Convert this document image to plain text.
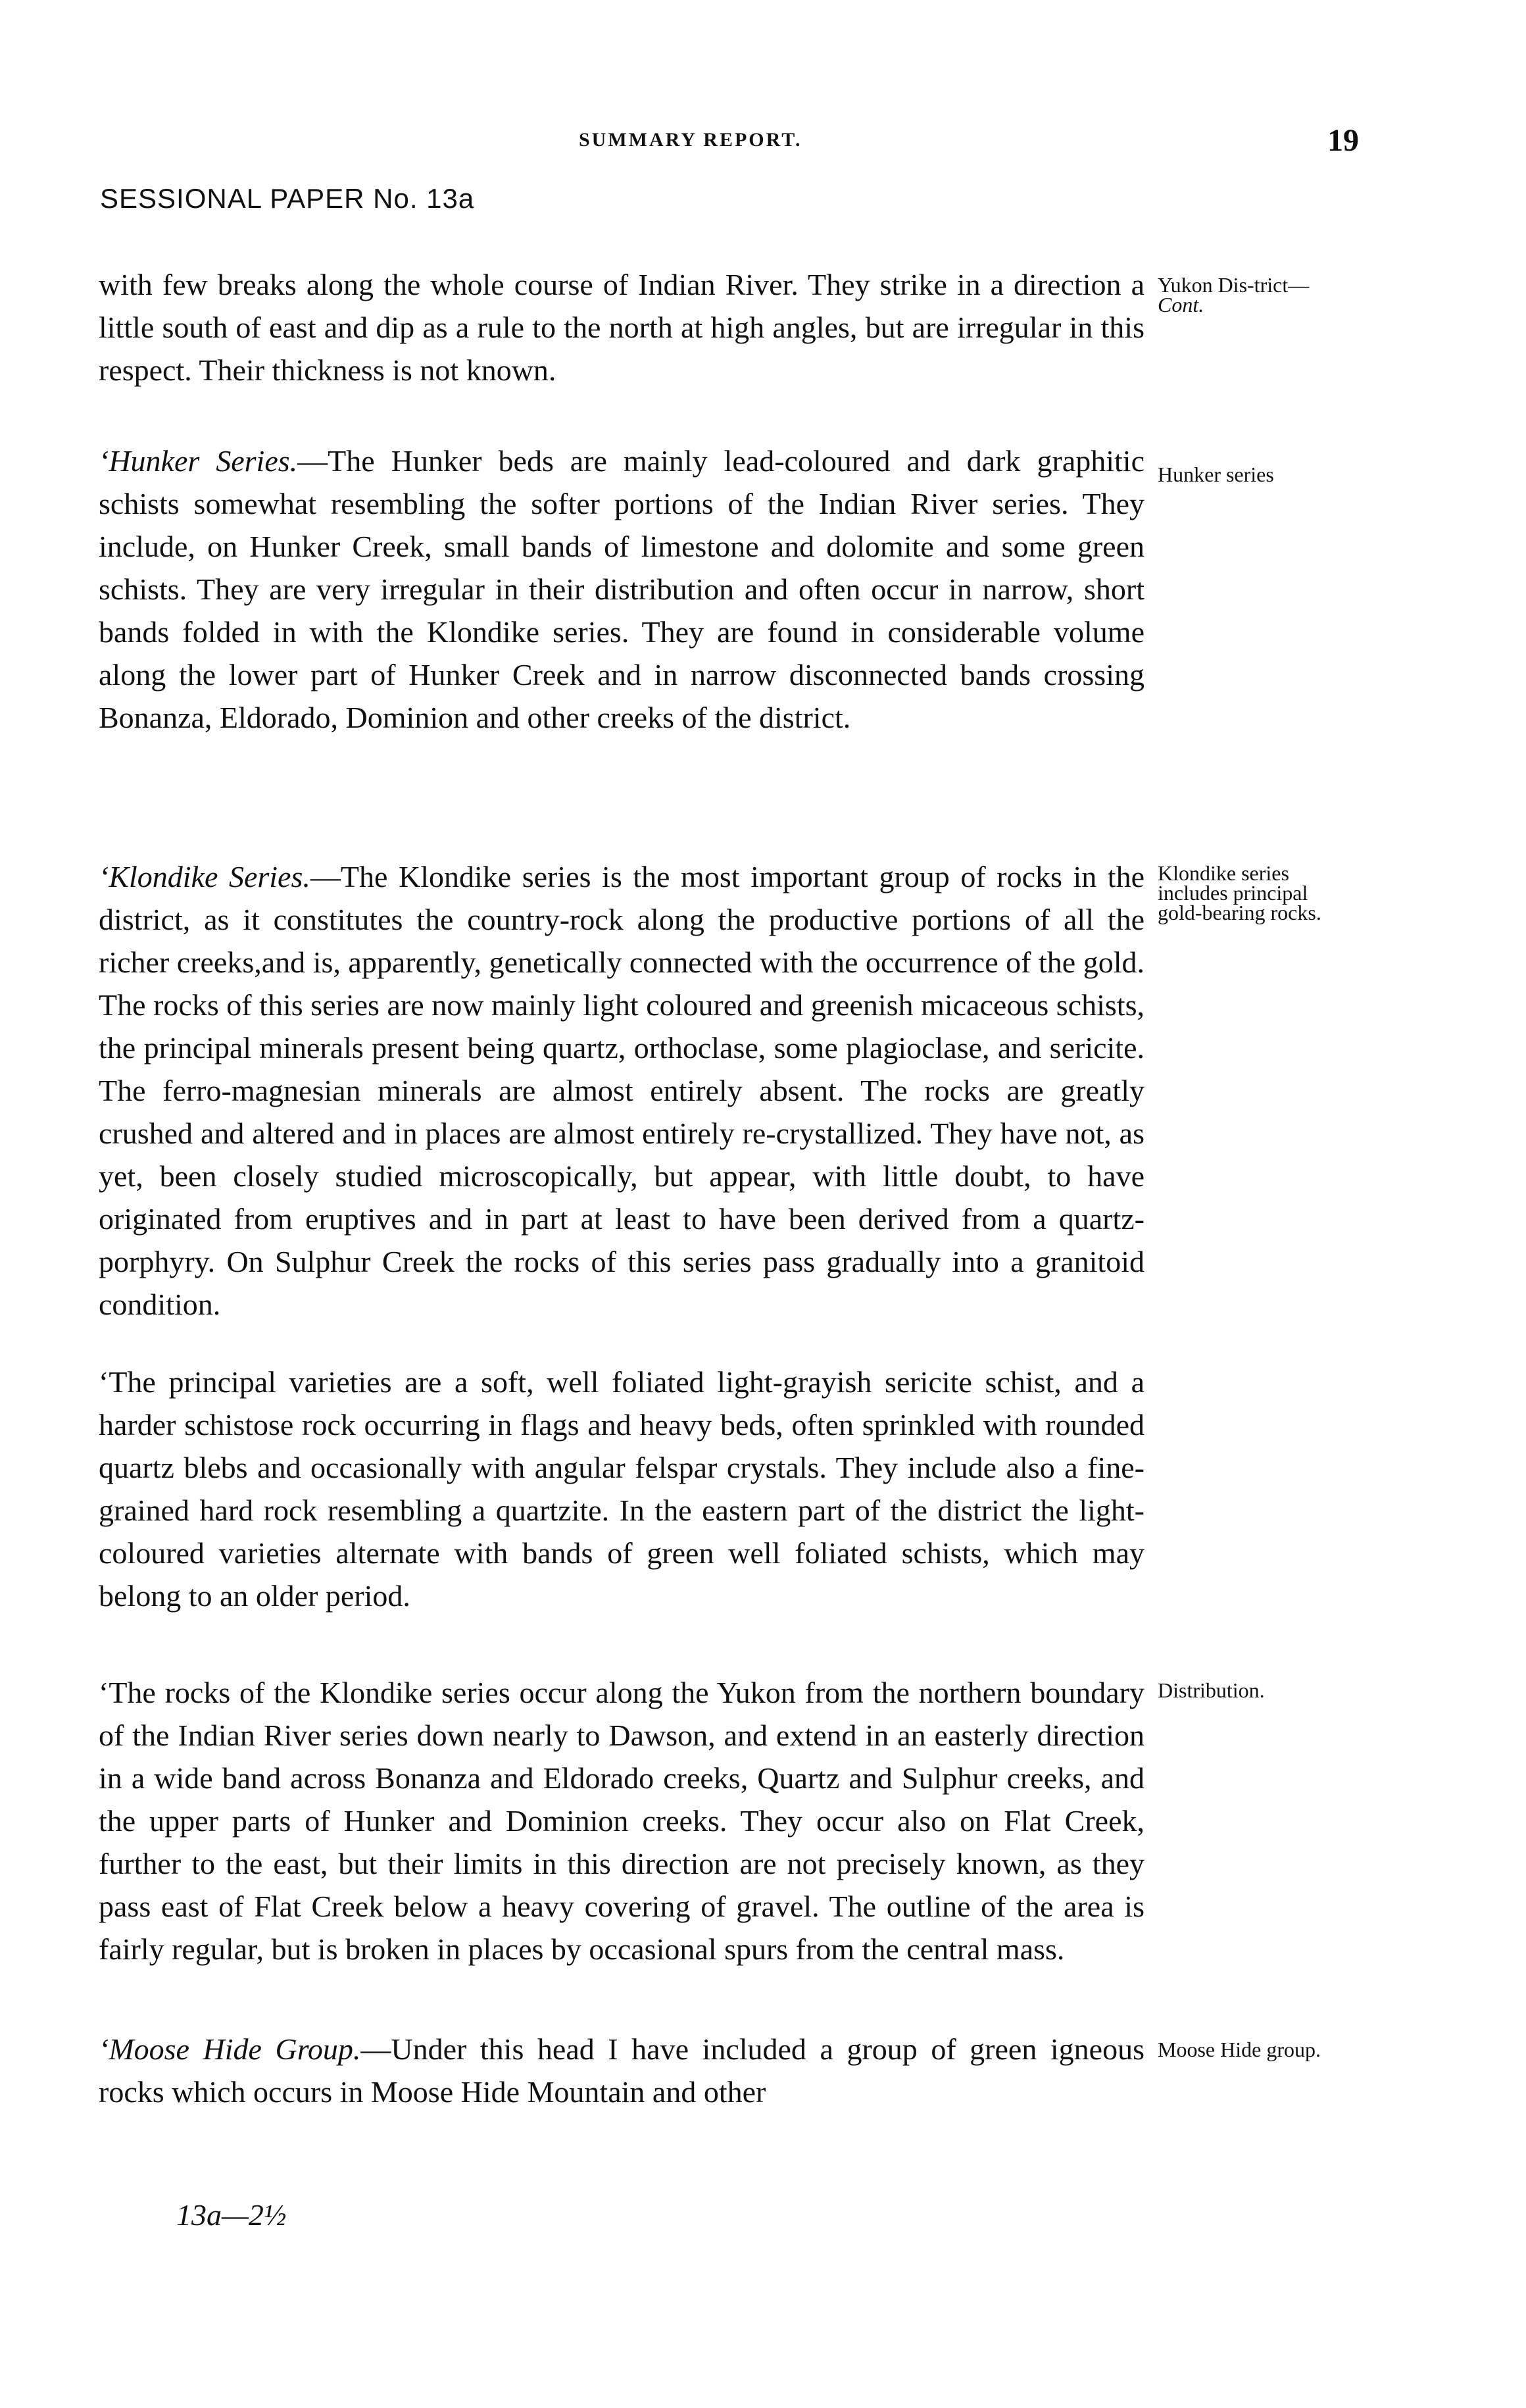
SUMMARY REPORT.	19
SESSIONAL PAPER No. 13a

with few breaks along the whole course of Indian River. They strike in a direction a little south of east and dip as a rule to the north at high angles, but are irregular in this respect. Their thickness is not known.

‘Hunker Series.—The Hunker beds are mainly lead-coloured and dark graphitic schists somewhat resembling the softer portions of the Indian River series. They include, on Hunker Creek, small bands of limestone and dolomite and some green schists. They are very irregular in their distribution and often occur in narrow, short bands folded in with the Klondike series. They are found in considerable volume along the lower part of Hunker Creek and in narrow disconnected bands crossing Bonanza, Eldorado, Dominion and other creeks of the district.

‘Klondike Series.—The Klondike series is the most important group of rocks in the district, as it constitutes the country-rock along the productive portions of all the richer creeks,and is, apparently, genetically connected with the occurrence of the gold. The rocks of this series are now mainly light coloured and greenish micaceous schists, the principal minerals present being quartz, orthoclase, some plagioclase, and sericite. The ferro-magnesian minerals are almost entirely absent. The rocks are greatly crushed and altered and in places are almost entirely re-crystallized. They have not, as yet, been closely studied microscopically, but appear, with little doubt, to have originated from eruptives and in part at least to have been derived from a quartz-porphyry. On Sulphur Creek the rocks of this series pass gradually into a granitoid condition.

‘The principal varieties are a soft, well foliated light-grayish sericite schist, and a harder schistose rock occurring in flags and heavy beds, often sprinkled with rounded quartz blebs and occasionally with angular felspar crystals. They include also a fine-grained hard rock resembling a quartzite. In the eastern part of the district the light-coloured varieties alternate with bands of green well foliated schists, which may belong to an older period.

‘The rocks of the Klondike series occur along the Yukon from the northern boundary of the Indian River series down nearly to Dawson, and extend in an easterly direction in a wide band across Bonanza and Eldorado creeks, Quartz and Sulphur creeks, and the upper parts of Hunker and Dominion creeks. They occur also on Flat Creek, further to the east, but their limits in this direction are not precisely known, as they pass east of Flat Creek below a heavy covering of gravel. The outline of the area is fairly regular, but is broken in places by occasional spurs from the central mass.

‘Moose Hide Group.—Under this head I have included a group of green igneous rocks which occurs in Moose Hide Mountain and other

Yukon Dis-trict—Cont.
Hunker series
Klondike series includes principal gold-bearing rocks.
Distribution.
Moose Hide group.
13a—2½
